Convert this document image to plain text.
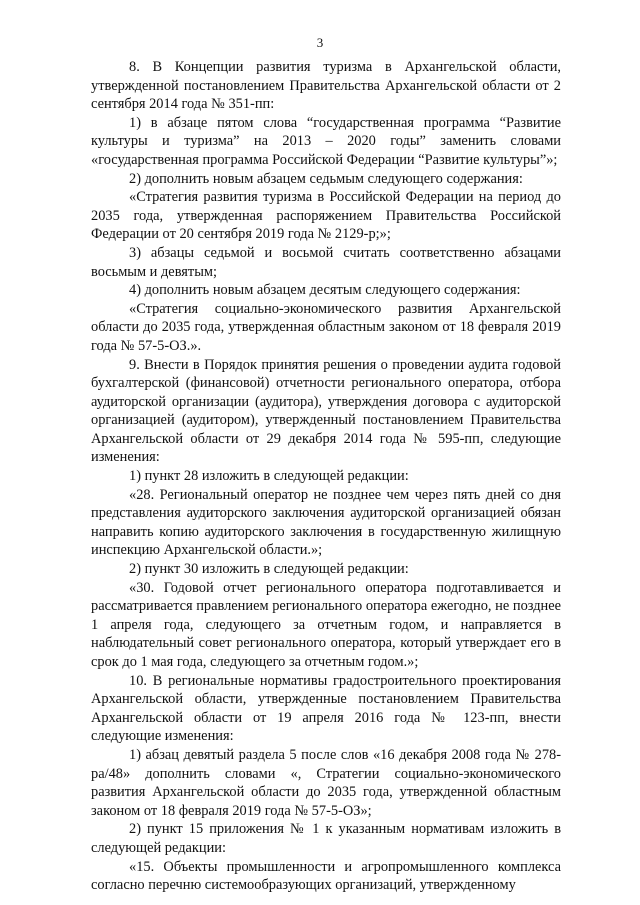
3

8. В Концепции развития туризма в Архангельской области, утвержденной постановлением Правительства Архангельской области от 2 сентября 2014 года № 351-пп:

1) в абзаце пятом слова “государственная программа “Развитие культуры и туризма” на 2013 – 2020 годы” заменить словами «государственная программа Российской Федерации “Развитие культуры”»;

2) дополнить новым абзацем седьмым следующего содержания:

«Стратегия развития туризма в Российской Федерации на период до 2035 года, утвержденная распоряжением Правительства Российской Федерации от 20 сентября 2019 года № 2129-р;»;

3) абзацы седьмой и восьмой считать соответственно абзацами восьмым и девятым;

4) дополнить новым абзацем десятым следующего содержания:

«Стратегия социально-экономического развития Архангельской области до 2035 года, утвержденная областным законом от 18 февраля 2019 года № 57-5-ОЗ.».

9. Внести в Порядок принятия решения о проведении аудита годовой бухгалтерской (финансовой) отчетности регионального оператора, отбора аудиторской организации (аудитора), утверждения договора с аудиторской организацией (аудитором), утвержденный постановлением Правительства Архангельской области от 29 декабря 2014 года № 595-пп, следующие изменения:

1) пункт 28 изложить в следующей редакции:

«28. Региональный оператор не позднее чем через пять дней со дня представления аудиторского заключения аудиторской организацией обязан направить копию аудиторского заключения в государственную жилищную инспекцию Архангельской области.»;

2) пункт 30 изложить в следующей редакции:

«30. Годовой отчет регионального оператора подготавливается и рассматривается правлением регионального оператора ежегодно, не позднее 1 апреля года, следующего за отчетным годом, и направляется в наблюдательный совет регионального оператора, который утверждает его в срок до 1 мая года, следующего за отчетным годом.»;

10. В региональные нормативы градостроительного проектирования Архангельской области, утвержденные постановлением Правительства Архангельской области от 19 апреля 2016 года № 123-пп, внести следующие изменения:

1) абзац девятый раздела 5 после слов «16 декабря 2008 года № 278-ра/48» дополнить словами «, Стратегии социально-экономического развития Архангельской области до 2035 года, утвержденной областным законом от 18 февраля 2019 года № 57-5-ОЗ»;

2) пункт 15 приложения № 1 к указанным нормативам изложить в следующей редакции:

«15. Объекты промышленности и агропромышленного комплекса согласно перечню системообразующих организаций, утвержденному
